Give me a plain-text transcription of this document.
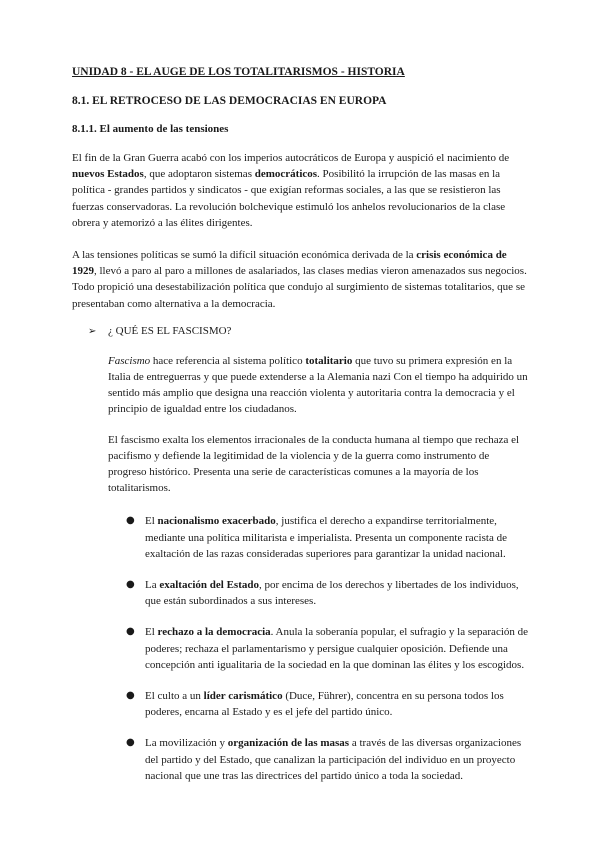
UNIDAD 8 - EL AUGE DE LOS TOTALITARISMOS - HISTORIA
8.1. EL RETROCESO DE LAS DEMOCRACIAS EN EUROPA
8.1.1. El aumento de las tensiones

El fin de la Gran Guerra acabó con los imperios autocráticos de Europa y auspició el nacimiento de nuevos Estados, que adoptaron sistemas democráticos. Posibilitó la irrupción de las masas en la política - grandes partidos y sindicatos - que exigían reformas sociales, a las que se resistieron las fuerzas conservadoras. La revolución bolchevique estimuló los anhelos revolucionarios de la clase obrera y atemorizó a las élites dirigentes.

A las tensiones políticas se sumó la difícil situación económica derivada de la crisis económica de 1929, llevó a paro al paro a millones de asalariados, las clases medias vieron amenazados sus negocios. Todo propició una desestabilización política que condujo al surgimiento de sistemas totalitarios, que se presentaban como alternativa a la democracia.

➢	¿ QUÉ ES EL FASCISMO?

Fascismo hace referencia al sistema político totalitario que tuvo su primera expresión en la Italia de entreguerras y que puede extenderse a la Alemania nazi Con el tiempo ha adquirido un sentido más amplio que designa una reacción violenta y autoritaria contra la democracia y el principio de igualdad entre los ciudadanos.

El fascismo exalta los elementos irracionales de la conducta humana al tiempo que rechaza el pacifismo y defiende la legitimidad de la violencia y de la guerra como instrumento de progreso histórico. Presenta una serie de características comunes a la mayoría de los totalitarismos.

● El nacionalismo exacerbado, justifica el derecho a expandirse territorialmente, mediante una política militarista e imperialista. Presenta un componente racista de exaltación de las razas consideradas superiores para garantizar la unidad nacional.
● La exaltación del Estado, por encima de los derechos y libertades de los individuos, que están subordinados a sus intereses.
● El rechazo a la democracia. Anula la soberanía popular, el sufragio y la separación de poderes; rechaza el parlamentarismo y persigue cualquier oposición. Defiende una concepción anti igualitaria de la sociedad en la que dominan las élites y los escogidos.
● El culto a un líder carismático (Duce, Führer), concentra en su persona todos los poderes, encarna al Estado y es el jefe del partido único.
● La movilización y organización de las masas a través de las diversas organizaciones del partido y del Estado, que canalizan la participación del individuo en un proyecto nacional que une tras las directrices del partido único a toda la sociedad.
